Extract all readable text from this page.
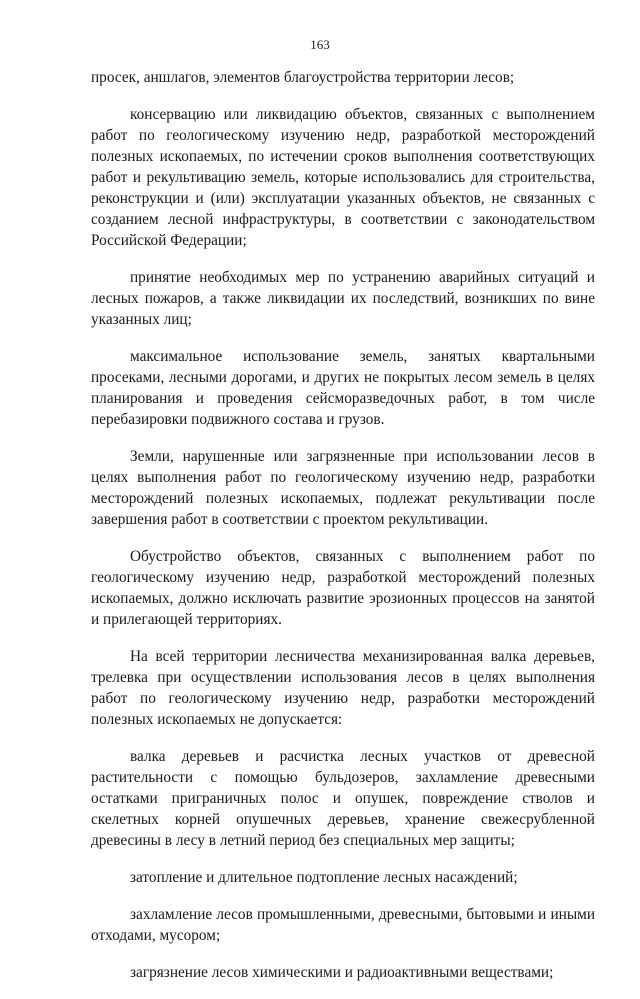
163

просек, аншлагов, элементов благоустройства территории лесов;

консервацию или ликвидацию объектов, связанных с выполнением работ по геологическому изучению недр, разработкой месторождений полезных ископаемых, по истечении сроков выполнения соответствующих работ и рекультивацию земель, которые использовались для строительства, реконструкции и (или) эксплуатации указанных объектов, не связанных с созданием лесной инфраструктуры, в соответствии с законодательством Российской Федерации;

принятие необходимых мер по устранению аварийных ситуаций и лесных пожаров, а также ликвидации их последствий, возникших по вине указанных лиц;

максимальное использование земель, занятых квартальными просеками, лесными дорогами, и других не покрытых лесом земель в целях планирования и проведения сейсморазведочных работ, в том числе перебазировки подвижного состава и грузов.

Земли, нарушенные или загрязненные при использовании лесов в целях выполнения работ по геологическому изучению недр, разработки месторождений полезных ископаемых, подлежат рекультивации после завершения работ в соответствии с проектом рекультивации.

Обустройство объектов, связанных с выполнением работ по геологическому изучению недр, разработкой месторождений полезных ископаемых, должно исключать развитие эрозионных процессов на занятой и прилегающей территориях.

На всей территории лесничества механизированная валка деревьев, трелевка при осуществлении использования лесов в целях выполнения работ по геологическому изучению недр, разработки месторождений полезных ископаемых не допускается:

валка деревьев и расчистка лесных участков от древесной растительности с помощью бульдозеров, захламление древесными остатками приграничных полос и опушек, повреждение стволов и скелетных корней опушечных деревьев, хранение свежесрубленной древесины в лесу в летний период без специальных мер защиты;

затопление и длительное подтопление лесных насаждений;

захламление лесов промышленными, древесными, бытовыми и иными отходами, мусором;

загрязнение лесов химическими и радиоактивными веществами;
